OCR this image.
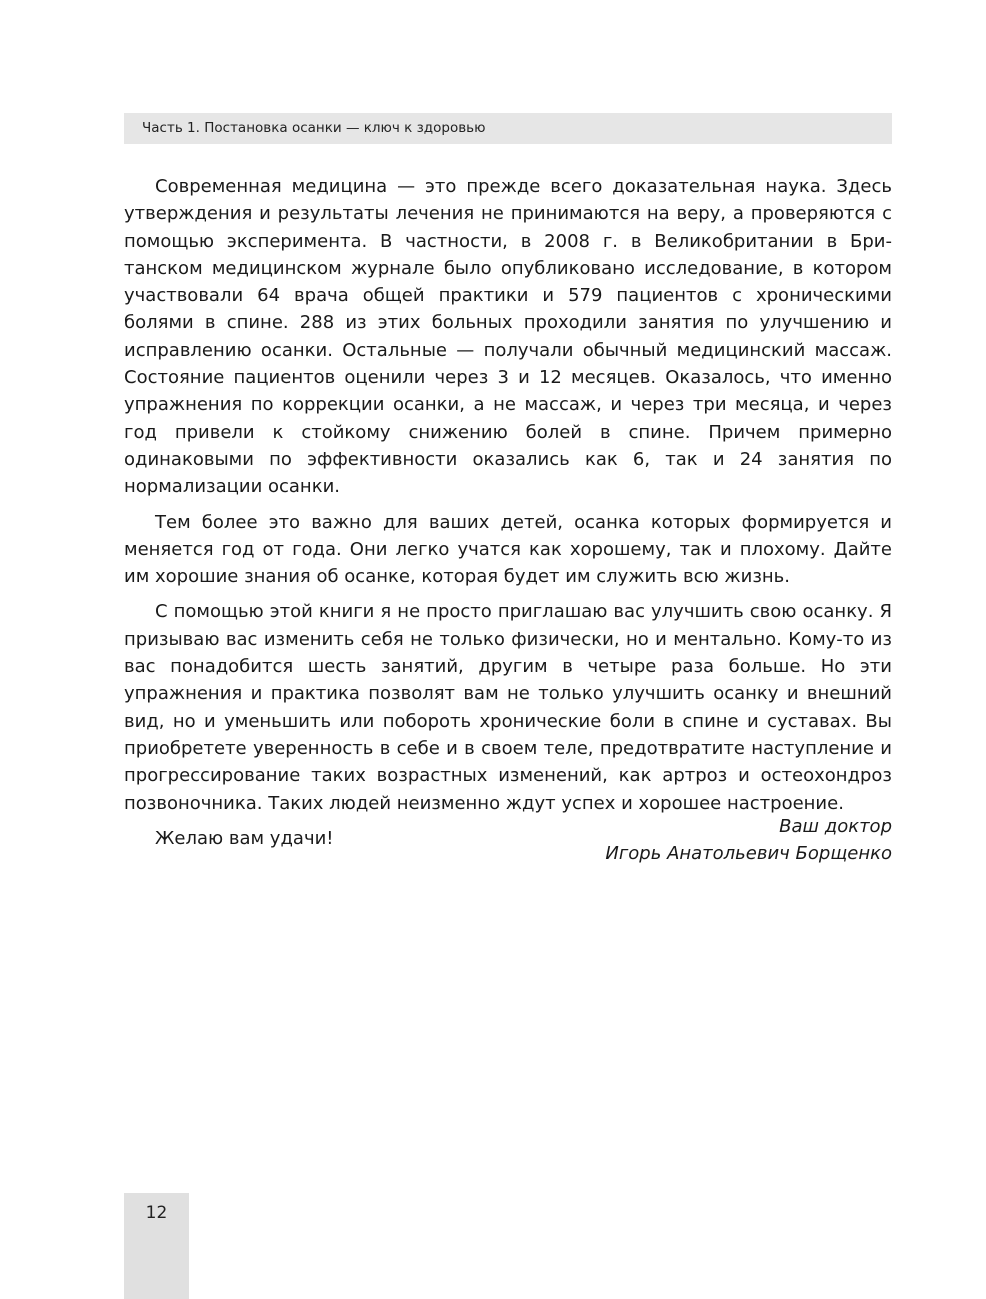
Часть 1. Постановка осанки — ключ к здоровью

Современная медицина — это прежде всего доказательная наука. Здесь утверждения и результаты лечения не принимаются на веру, а проверяются с помощью эксперимента. В частности, в 2008 г. в Великобритании в Британском медицинском журнале было опубликовано исследование, в котором участвовали 64 врача общей практики и 579 пациентов с хроническими болями в спине. 288 из этих больных проходили занятия по улучшению и исправлению осанки. Остальные — получали обычный медицинский массаж. Состояние пациентов оценили через 3 и 12 месяцев. Оказалось, что именно упражнения по коррекции осанки, а не массаж, и через три месяца, и через год привели к стойкому снижению болей в спине. Причем примерно одинаковыми по эффективности оказались как 6, так и 24 занятия по нормализации осанки.

Тем более это важно для ваших детей, осанка которых формируется и меняется год от года. Они легко учатся как хорошему, так и плохому. Дайте им хорошие знания об осанке, которая будет им служить всю жизнь.

С помощью этой книги я не просто приглашаю вас улучшить свою осанку. Я призываю вас изменить себя не только физически, но и ментально. Кому-то из вас понадобится шесть занятий, другим в четыре раза больше. Но эти упражнения и практика позволят вам не только улучшить осанку и внешний вид, но и уменьшить или побороть хронические боли в спине и суставах. Вы приобретете уверенность в себе и в своем теле, предотвратите наступление и прогрессирование таких возрастных изменений, как артроз и остеохондроз позвоночника. Таких людей неизменно ждут успех и хорошее настроение.

Желаю вам удачи!

Ваш доктор
Игорь Анатольевич Борщенко
12
